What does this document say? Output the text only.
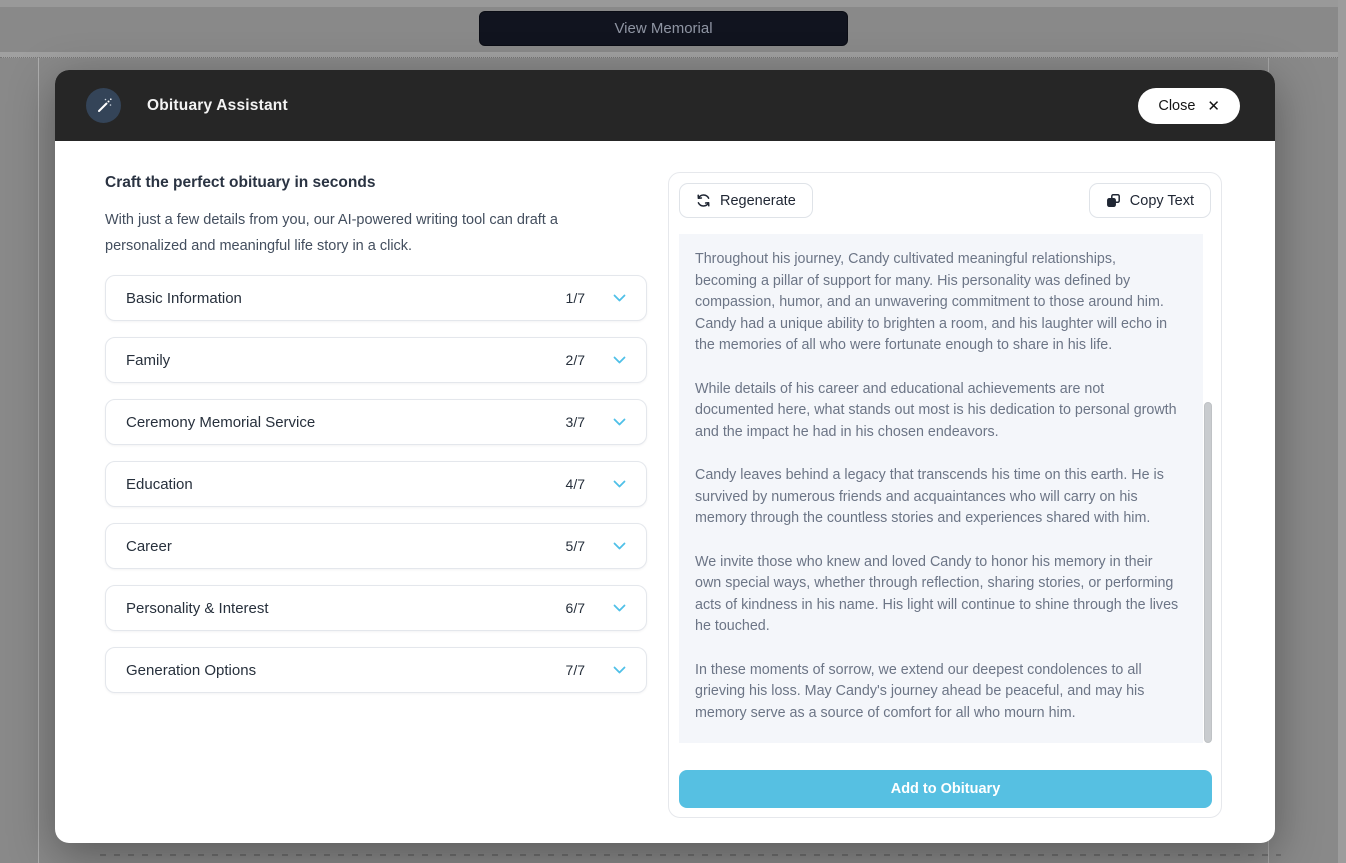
View Memorial
Obituary Assistant	Close ✕
Craft the perfect obituary in seconds
With just a few details from you, our AI-powered writing tool can draft a personalized and meaningful life story in a click.
Basic Information	1/7
Family	2/7
Ceremony Memorial Service	3/7
Education	4/7
Career	5/7
Personality & Interest	6/7
Generation Options	7/7
Regenerate	Copy Text

Throughout his journey, Candy cultivated meaningful relationships, becoming a pillar of support for many. His personality was defined by compassion, humor, and an unwavering commitment to those around him. Candy had a unique ability to brighten a room, and his laughter will echo in the memories of all who were fortunate enough to share in his life.

While details of his career and educational achievements are not documented here, what stands out most is his dedication to personal growth and the impact he had in his chosen endeavors.

Candy leaves behind a legacy that transcends his time on this earth. He is survived by numerous friends and acquaintances who will carry on his memory through the countless stories and experiences shared with him.

We invite those who knew and loved Candy to honor his memory in their own special ways, whether through reflection, sharing stories, or performing acts of kindness in his name. His light will continue to shine through the lives he touched.

In these moments of sorrow, we extend our deepest condolences to all grieving his loss. May Candy's journey ahead be peaceful, and may his memory serve as a source of comfort for all who mourn him.

Add to Obituary
